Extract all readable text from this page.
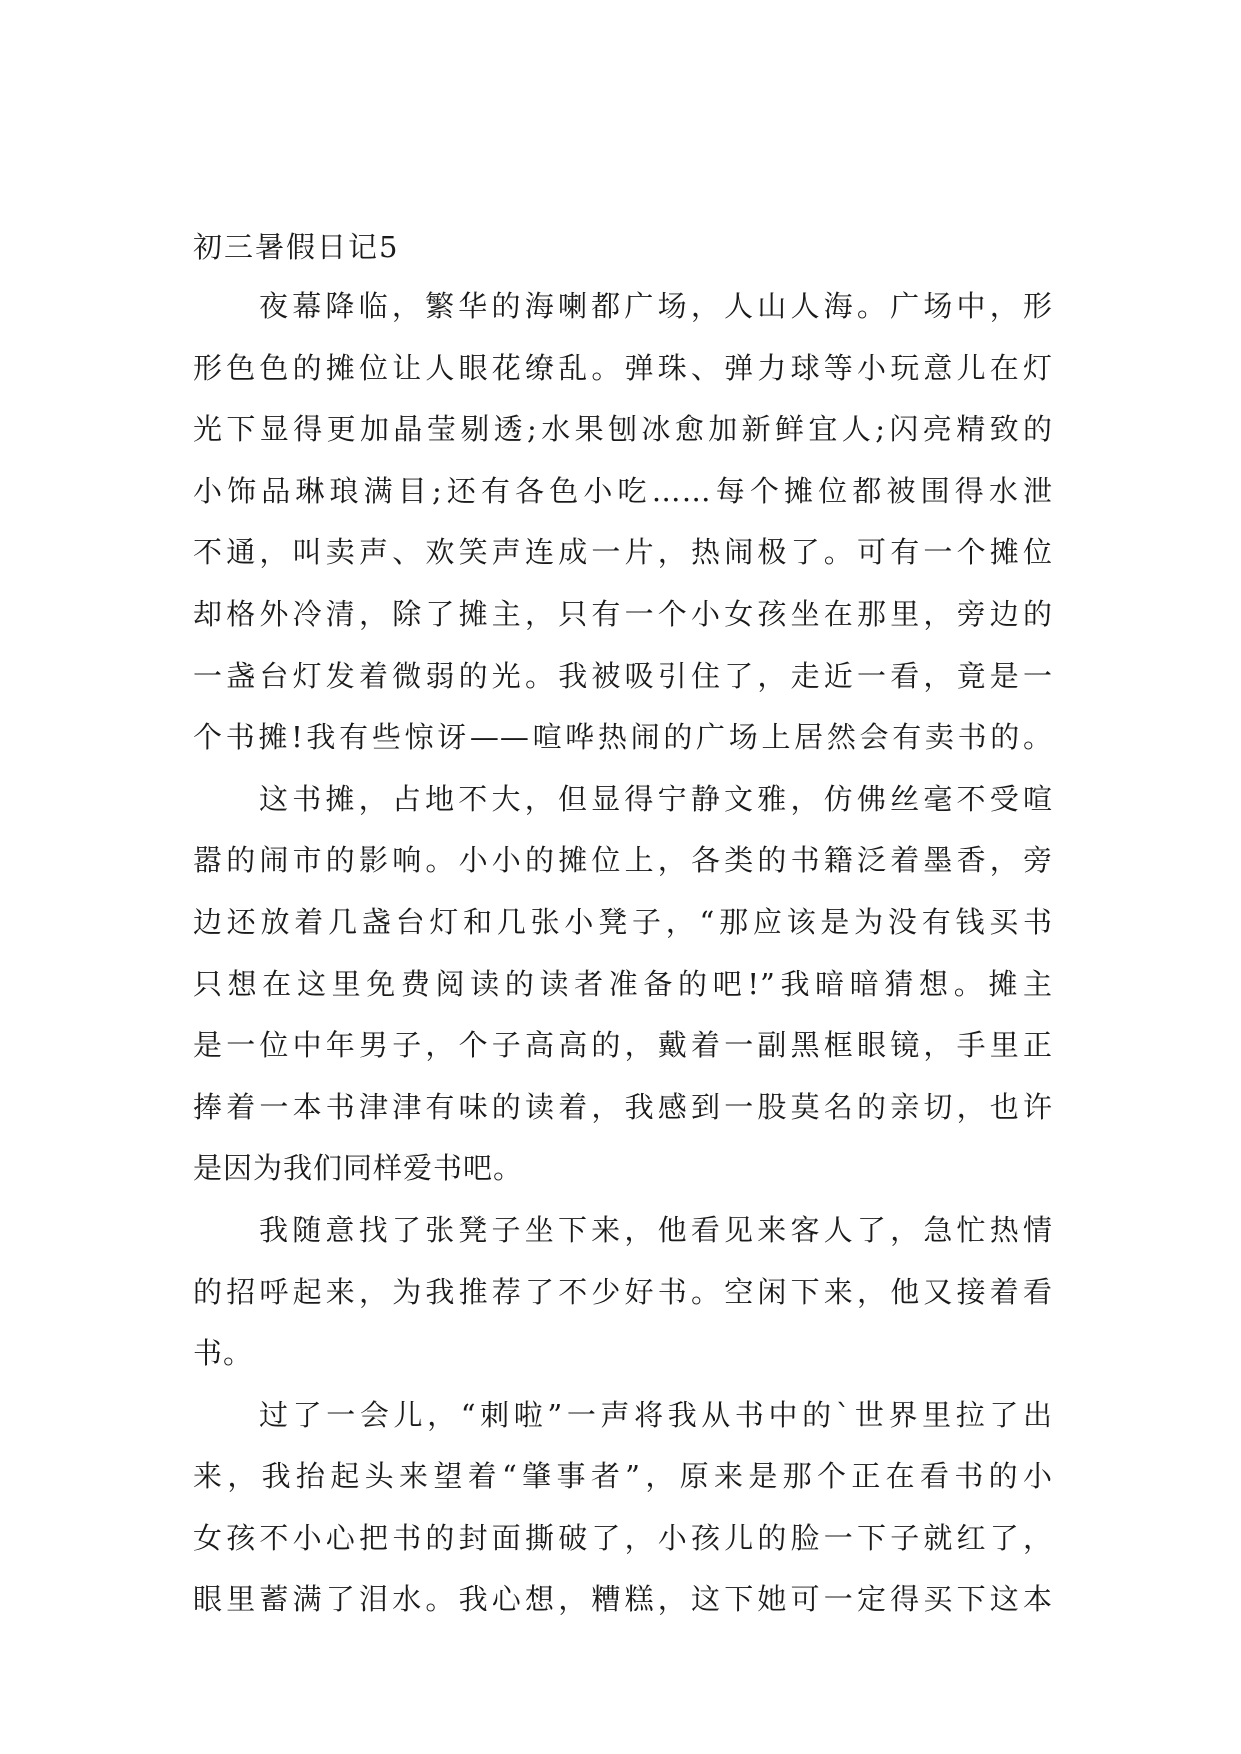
初三暑假日记5
夜幕降临，繁华的海喇都广场，人山人海。广场中，形
形色色的摊位让人眼花缭乱。弹珠、弹力球等小玩意儿在灯
光下显得更加晶莹剔透;水果刨冰愈加新鲜宜人;闪亮精致的
小饰品琳琅满目;还有各色小吃……每个摊位都被围得水泄
不通，叫卖声、欢笑声连成一片，热闹极了。可有一个摊位
却格外冷清，除了摊主，只有一个小女孩坐在那里，旁边的
一盏台灯发着微弱的光。我被吸引住了，走近一看，竟是一
个书摊!我有些惊讶——喧哗热闹的广场上居然会有卖书的。
这书摊，占地不大，但显得宁静文雅，仿佛丝毫不受喧
嚣的闹市的影响。小小的摊位上，各类的书籍泛着墨香，旁
边还放着几盏台灯和几张小凳子，“那应该是为没有钱买书
只想在这里免费阅读的读者准备的吧!”我暗暗猜想。摊主
是一位中年男子，个子高高的，戴着一副黑框眼镜，手里正
捧着一本书津津有味的读着，我感到一股莫名的亲切，也许
是因为我们同样爱书吧。
我随意找了张凳子坐下来，他看见来客人了，急忙热情
的招呼起来，为我推荐了不少好书。空闲下来，他又接着看
书。
过了一会儿，“刺啦”一声将我从书中的`世界里拉了出
来，我抬起头来望着“肇事者”，原来是那个正在看书的小
女孩不小心把书的封面撕破了，小孩儿的脸一下子就红了，
眼里蓄满了泪水。我心想，糟糕，这下她可一定得买下这本
